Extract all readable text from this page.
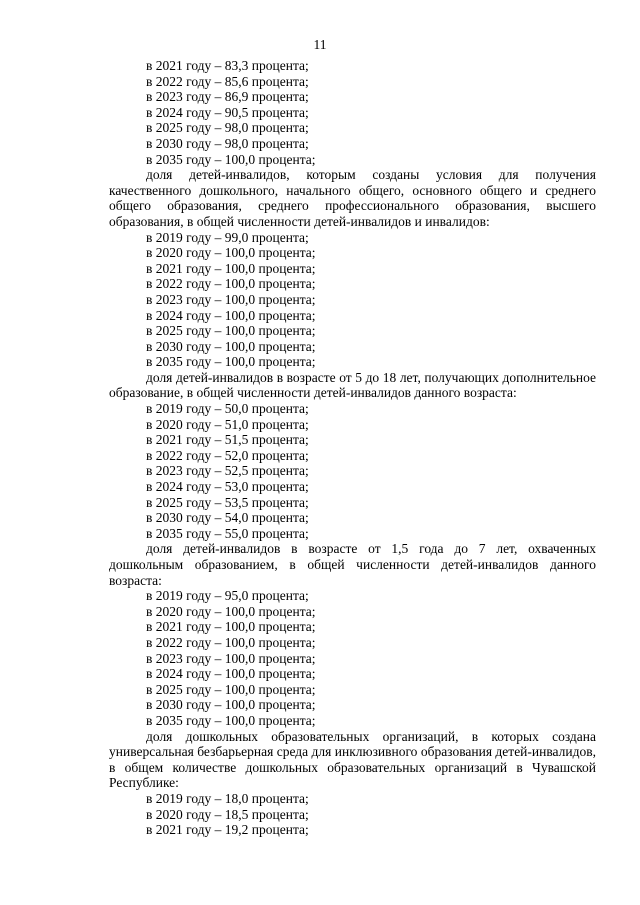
11
в 2021 году – 83,3 процента;
в 2022 году – 85,6 процента;
в 2023 году – 86,9 процента;
в 2024 году – 90,5 процента;
в 2025 году – 98,0 процента;
в 2030 году – 98,0 процента;
в 2035 году – 100,0 процента;

доля детей-инвалидов, которым созданы условия для получения качественного дошкольного, начального общего, основного общего и среднего общего образования, среднего профессионального образования, высшего образования, в общей численности детей-инвалидов и инвалидов:

в 2019 году – 99,0 процента;
в 2020 году – 100,0 процента;
в 2021 году – 100,0 процента;
в 2022 году – 100,0 процента;
в 2023 году – 100,0 процента;
в 2024 году – 100,0 процента;
в 2025 году – 100,0 процента;
в 2030 году – 100,0 процента;
в 2035 году – 100,0 процента;

доля детей-инвалидов в возрасте от 5 до 18 лет, получающих дополнительное образование, в общей численности детей-инвалидов данного возраста:

в 2019 году – 50,0 процента;
в 2020 году – 51,0 процента;
в 2021 году – 51,5 процента;
в 2022 году – 52,0 процента;
в 2023 году – 52,5 процента;
в 2024 году – 53,0 процента;
в 2025 году – 53,5 процента;
в 2030 году – 54,0 процента;
в 2035 году – 55,0 процента;

доля детей-инвалидов в возрасте от 1,5 года до 7 лет, охваченных дошкольным образованием, в общей численности детей-инвалидов данного возраста:

в 2019 году – 95,0 процента;
в 2020 году – 100,0 процента;
в 2021 году – 100,0 процента;
в 2022 году – 100,0 процента;
в 2023 году – 100,0 процента;
в 2024 году – 100,0 процента;
в 2025 году – 100,0 процента;
в 2030 году – 100,0 процента;
в 2035 году – 100,0 процента;

доля дошкольных образовательных организаций, в которых создана универсальная безбарьерная среда для инклюзивного образования детей-инвалидов, в общем количестве дошкольных образовательных организаций в Чувашской Республике:

в 2019 году – 18,0 процента;
в 2020 году – 18,5 процента;
в 2021 году – 19,2 процента;
